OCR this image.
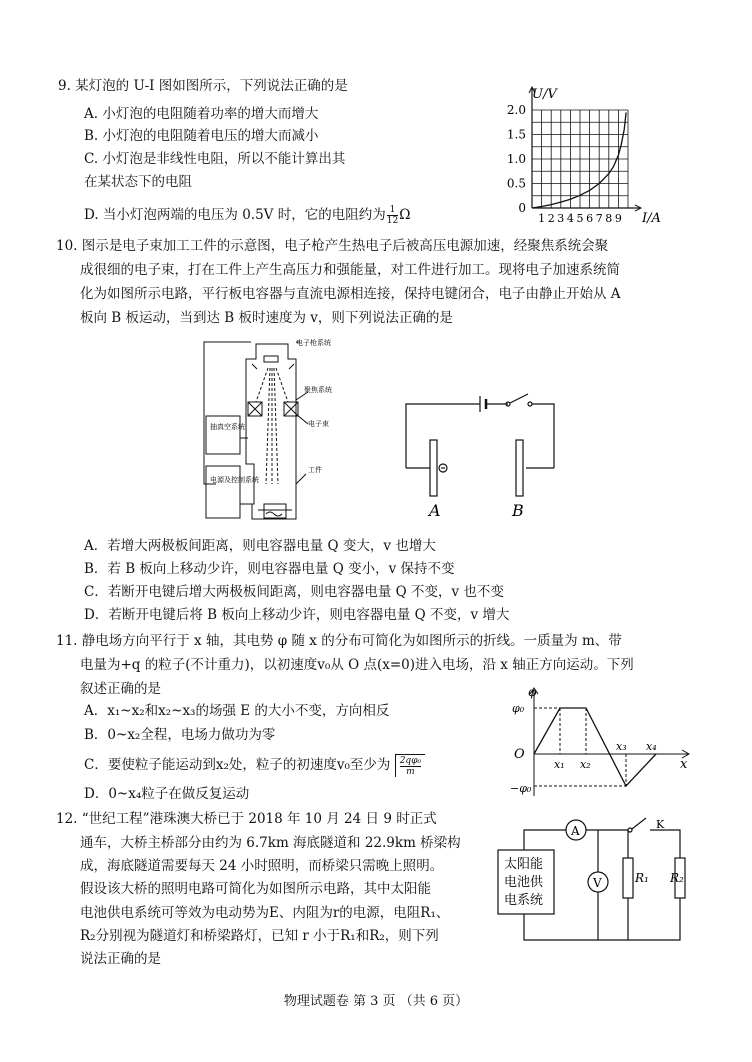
9. 某灯泡的 U-I 图如图所示，下列说法正确的是
A. 小灯泡的电阻随着功率的增大而增大
B. 小灯泡的电阻随着电压的增大而减小
C. 小灯泡是非线性电阻，所以不能计算出其
在某状态下的电阻
D. 当小灯泡两端的电压为 0.5V 时，它的电阻约为 $\frac{1}{12}$ Ω	0
0.5
1.0
1.5
2.0
1 2 3 4 5 6 7 8 9
U/V
I/A
10. 图示是电子束加工工件的示意图，电子枪产生热电子后被高压电源加速，经聚焦系统会聚
成很细的电子束，打在工件上产生高压力和强能量，对工件进行加工。现将电子加速系统简
化为如图所示电路，平行板电容器与直流电源相连接，保持电键闭合，电子由静止开始从 A
板向 B 板运动，当到达 B 板时速度为 v，则下列说法正确的是
电子枪系统
聚焦系统
电子束
抽真空系统
电源及控制系统
工件
A	B
A．若增大两极板间距离，则电容器电量 Q 变大，v 也增大
B．若 B 板向上移动少许，则电容器电量 Q 变小，v 保持不变
C．若断开电键后增大两极板间距离，则电容器电量 Q 不变，v 也不变
D．若断开电键后将 B 板向上移动少许，则电容器电量 Q 不变，v 增大
11. 静电场方向平行于 x 轴，其电势 φ 随 x 的分布可简化为如图所示的折线。一质量为 m、带
电量为+q 的粒子(不计重力)，以初速度v₀从 O 点(x=0)进入电场，沿 x 轴正方向运动。下列
叙述正确的是
A．x₁~x₂和x₂~x₃的场强 E 的大小不变，方向相反
B．0~x₂全程，电场力做功为零
C．要使粒子能运动到x₂处，粒子的初速度v₀至少为 $\frac{\text{2qφ₀}}{m}$
D．0~x₄粒子在做反复运动
φ
φ₀
−φ₀
O
x
x₁ x₂
x₃ x₄
12. “世纪工程”港珠澳大桥已于 2018 年 10 月 24 日 9 时正式
通车，大桥主桥部分由约为 6.7km 海底隧道和 22.9km 桥梁构
成，海底隧道需要每天 24 小时照明，而桥梁只需晚上照明。
假设该大桥的照明电路可简化为如图所示电路，其中太阳能
电池供电系统可等效为电动势为E、内阻为r的电源，电阻R₁、
R₂分别视为隧道灯和桥梁路灯，已知 r 小于R₁和R₂，则下列
说法正确的是
A
V
K
R₁ R₂
太阳能
电池供
电系统
物理试题卷 第 3 页 （共 6 页）
